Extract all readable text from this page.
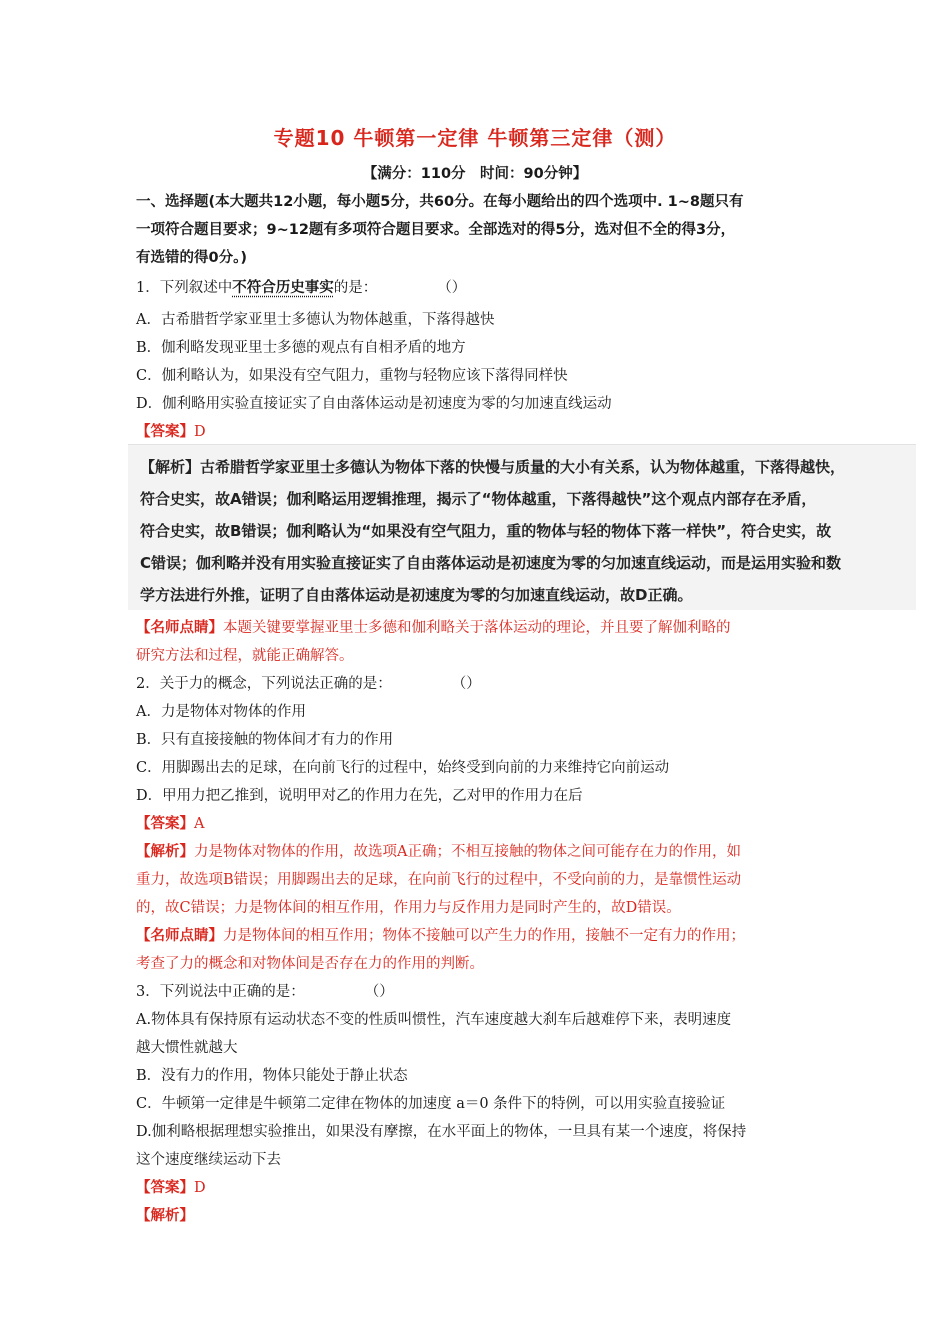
专题10 牛顿第一定律 牛顿第三定律（测）
【满分：110分　时间：90分钟】
一、选择题(本大题共12小题，每小题5分，共60分。在每小题给出的四个选项中. 1~8题只有
一项符合题目要求；9~12题有多项符合题目要求。全部选对的得5分，选对但不全的得3分，
有选错的得0分。)
1．下列叙述中不符合历史事实的是：	（）
A．古希腊哲学家亚里士多德认为物体越重，下落得越快
B．伽利略发现亚里士多德的观点有自相矛盾的地方
C．伽利略认为，如果没有空气阻力，重物与轻物应该下落得同样快
D．伽利略用实验直接证实了自由落体运动是初速度为零的匀加速直线运动
【答案】D
【解析】古希腊哲学家亚里士多德认为物体下落的快慢与质量的大小有关系，认为物体越重，下落得越快，
符合史实，故A错误；伽利略运用逻辑推理，揭示了“物体越重，下落得越快”这个观点内部存在矛盾，
符合史实，故B错误；伽利略认为“如果没有空气阻力，重的物体与轻的物体下落一样快”，符合史实，故
C错误；伽利略并没有用实验直接证实了自由落体运动是初速度为零的匀加速直线运动，而是运用实验和数
学方法进行外推，证明了自由落体运动是初速度为零的匀加速直线运动，故D正确。
【名师点睛】本题关键要掌握亚里士多德和伽利略关于落体运动的理论，并且要了解伽利略的
研究方法和过程，就能正确解答。
2．关于力的概念，下列说法正确的是：	（）
A．力是物体对物体的作用
B．只有直接接触的物体间才有力的作用
C．用脚踢出去的足球，在向前飞行的过程中，始终受到向前的力来维持它向前运动
D．甲用力把乙推到，说明甲对乙的作用力在先，乙对甲的作用力在后
【答案】A
【解析】力是物体对物体的作用，故选项A正确；不相互接触的物体之间可能存在力的作用，如
重力，故选项B错误；用脚踢出去的足球，在向前飞行的过程中，不受向前的力，是靠惯性运动
的，故C错误；力是物体间的相互作用，作用力与反作用力是同时产生的，故D错误。
【名师点睛】力是物体间的相互作用；物体不接触可以产生力的作用，接触不一定有力的作用；
考查了力的概念和对物体间是否存在力的作用的判断。
3．下列说法中正确的是：	（）
A.物体具有保持原有运动状态不变的性质叫惯性，汽车速度越大刹车后越难停下来，表明速度
越大惯性就越大
B．没有力的作用，物体只能处于静止状态
C．牛顿第一定律是牛顿第二定律在物体的加速度 a＝0 条件下的特例，可以用实验直接验证
D.伽利略根据理想实验推出，如果没有摩擦，在水平面上的物体，一旦具有某一个速度，将保持
这个速度继续运动下去
【答案】D
【解析】
